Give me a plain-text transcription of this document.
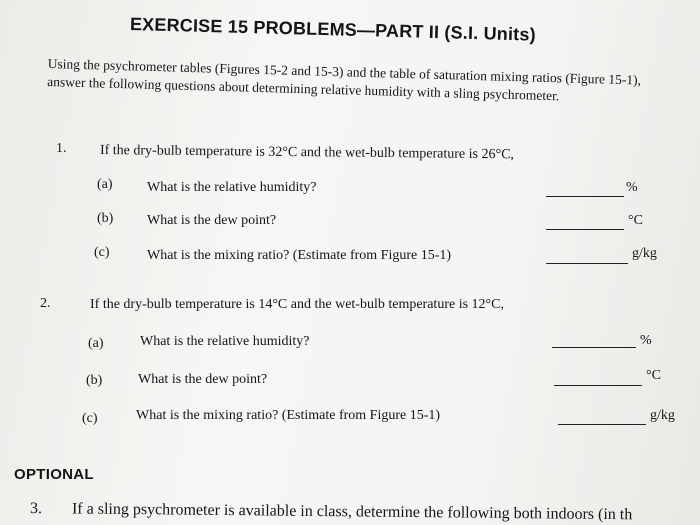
EXERCISE 15 PROBLEMS—PART II (S.I. Units)
Using the psychrometer tables (Figures 15-2 and 15-3) and the table of saturation mixing ratios (Figure 15-1), answer the following questions about determining relative humidity with a sling psychrometer.
1. If the dry-bulb temperature is 32°C and the wet-bulb temperature is 26°C,
(a) What is the relative humidity?	%
(b) What is the dew point?	°C
(c)	What is the mixing ratio? (Estimate from Figure 15-1)	g/kg
2.	If the dry-bulb temperature is 14°C and the wet-bulb temperature is 12°C,
(a)	What is the relative humidity?	%
(b)	What is the dew point?	°C
(c)	What is the mixing ratio? (Estimate from Figure 15-1)	g/kg
OPTIONAL
3. If a sling psychrometer is available in class, determine the following both indoors (in th
